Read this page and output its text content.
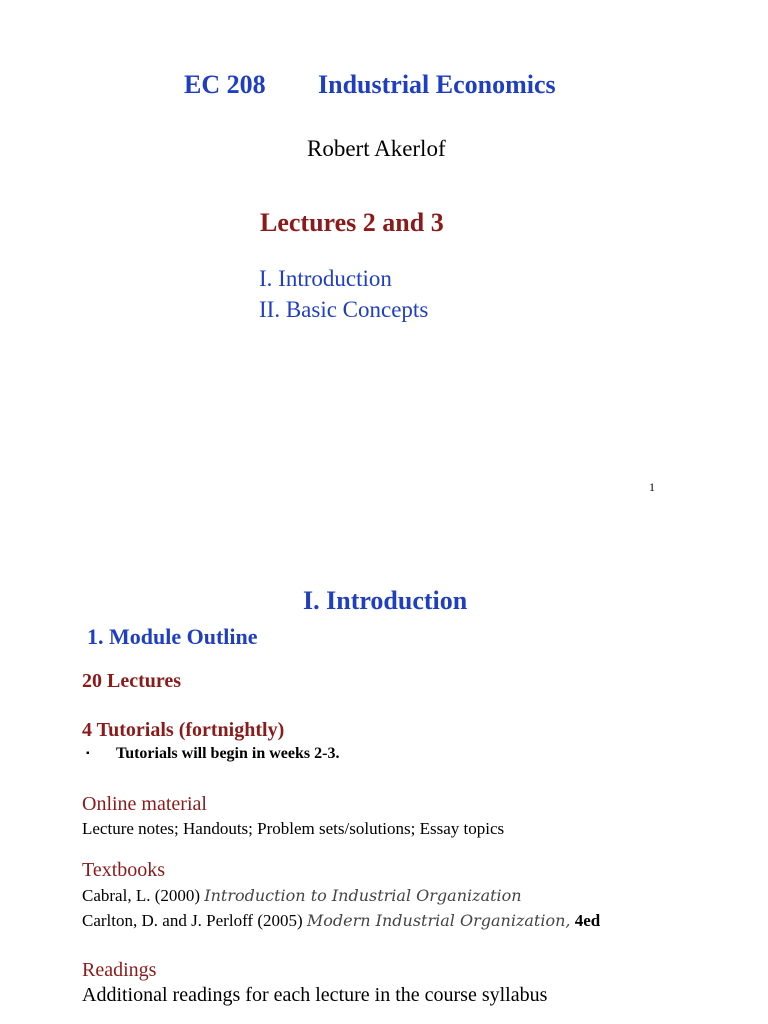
EC 208 Industrial Economics
Robert Akerlof
Lectures 2 and 3
I. Introduction
II. Basic Concepts
1
I. Introduction
1. Module Outline
20 Lectures
4 Tutorials (fortnightly)
▪ Tutorials will begin in weeks 2-3.
Online material
Lecture notes; Handouts; Problem sets/solutions; Essay topics
Textbooks
Cabral, L. (2000) Introduction to Industrial Organization
Carlton, D. and J. Perloff (2005) Modern Industrial Organization, 4ed
Readings
Additional readings for each lecture in the course syllabus
